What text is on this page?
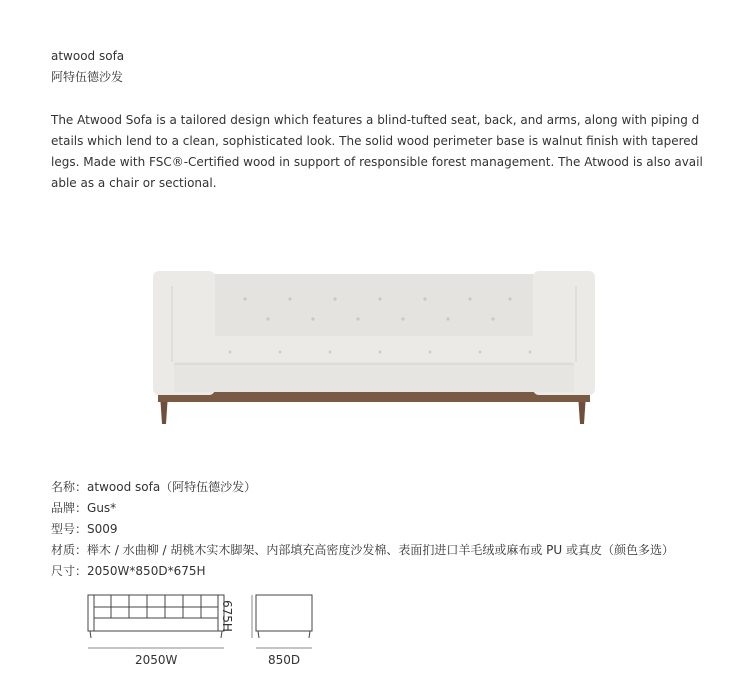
atwood sofa
阿特伍德沙发
The Atwood Sofa is a tailored design which features a blind-tufted seat, back, and arms, along with piping details which lend to a clean, sophisticated look. The solid wood perimeter base is walnut finish with tapered legs. Made with FSC®-Certified wood in support of responsible forest management. The Atwood is also available as a chair or sectional.
名称：atwood sofa（阿特伍德沙发）
品牌：Gus*
型号：S009
材质：榉木 / 水曲柳 / 胡桃木实木脚架、内部填充高密度沙发棉、表面扪进口羊毛绒或麻布或 PU 或真皮（颜色多选）
尺寸：2050W*850D*675H
2050W	850D
675H
